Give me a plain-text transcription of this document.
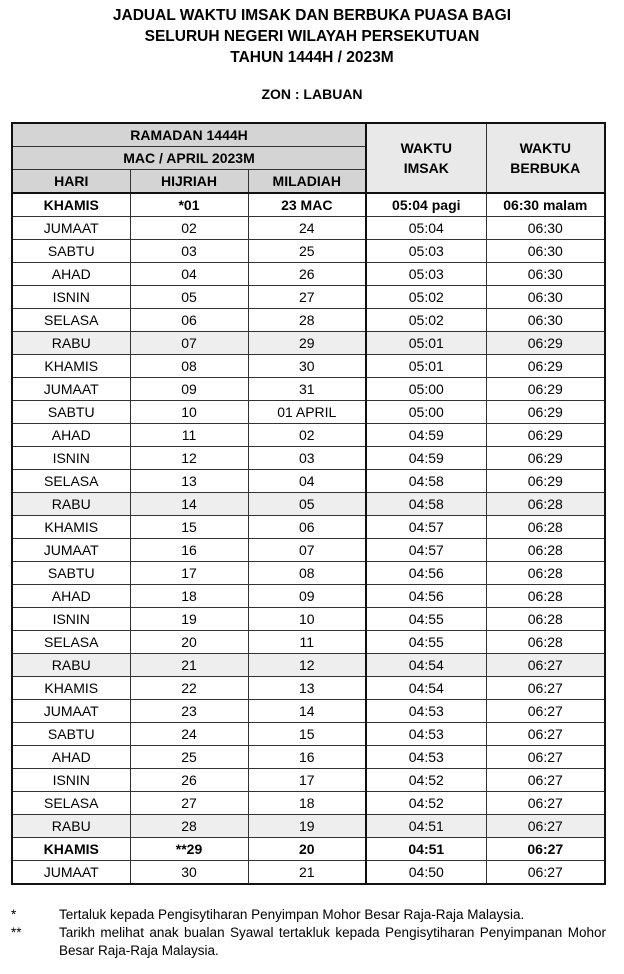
JADUAL WAKTU IMSAK DAN BERBUKA PUASA BAGI
SELURUH NEGERI WILAYAH PERSEKUTUAN
TAHUN 1444H / 2023M
ZON : LABUAN
RAMADAN 1444H			WAKTU IMSAK	WAKTU BERBUKA
MAC / APRIL 2023M				
HARI	HIJRIAH	MILADIAH		
KHAMIS	*01	23 MAC	05:04 pagi	06:30 malam
JUMAAT	02	24	05:04	06:30
SABTU	03	25	05:03	06:30
AHAD	04	26	05:03	06:30
ISNIN	05	27	05:02	06:30
SELASA	06	28	05:02	06:30
RABU	07	29	05:01	06:29
KHAMIS	08	30	05:01	06:29
JUMAAT	09	31	05:00	06:29
SABTU	10	01 APRIL	05:00	06:29
AHAD	11	02	04:59	06:29
ISNIN	12	03	04:59	06:29
SELASA	13	04	04:58	06:29
RABU	14	05	04:58	06:28
KHAMIS	15	06	04:57	06:28
JUMAAT	16	07	04:57	06:28
SABTU	17	08	04:56	06:28
AHAD	18	09	04:56	06:28
ISNIN	19	10	04:55	06:28
SELASA	20	11	04:55	06:28
RABU	21	12	04:54	06:27
KHAMIS	22	13	04:54	06:27
JUMAAT	23	14	04:53	06:27
SABTU	24	15	04:53	06:27
AHAD	25	16	04:53	06:27
ISNIN	26	17	04:52	06:27
SELASA	27	18	04:52	06:27
RABU	28	19	04:51	06:27
KHAMIS	**29	20	04:51	06:27
JUMAAT	30	21	04:50	06:27
*	Tertaluk kepada Pengisytiharan Penyimpan Mohor Besar Raja-Raja Malaysia.
**	Tarikh melihat anak bualan Syawal tertakluk kepada Pengisytiharan Penyimpanan Mohor Besar Raja-Raja Malaysia.
